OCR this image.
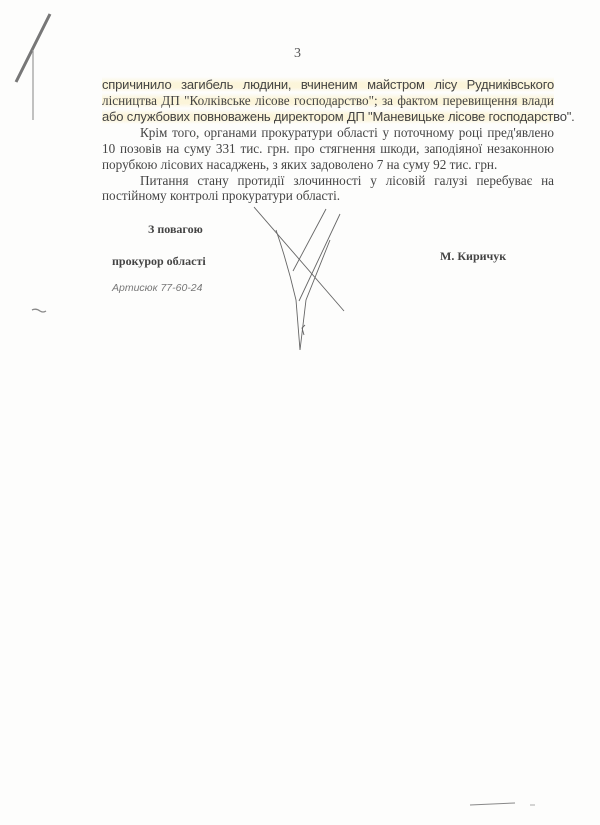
3
спричинило загибель людини, вчиненим майстром лісу Рудниківського
лісництва ДП "Колківське лісове господарство"; за фактом перевищення влади
або службових повноважень директором ДП "Маневицьке лісове господарство".
Крім того, органами прокуратури області у поточному році пред'явлено
10 позовів на суму 331 тис. грн. про стягнення шкоди, заподіяної незаконною
порубкою лісових насаджень, з яких задоволено 7 на суму 92 тис. грн.
Питання стану протидії злочинності у лісовій галузі перебуває на
постійному контролі прокуратури області.
З повагою
прокурор області	М. Киричук
Артисюк 77-60-24
